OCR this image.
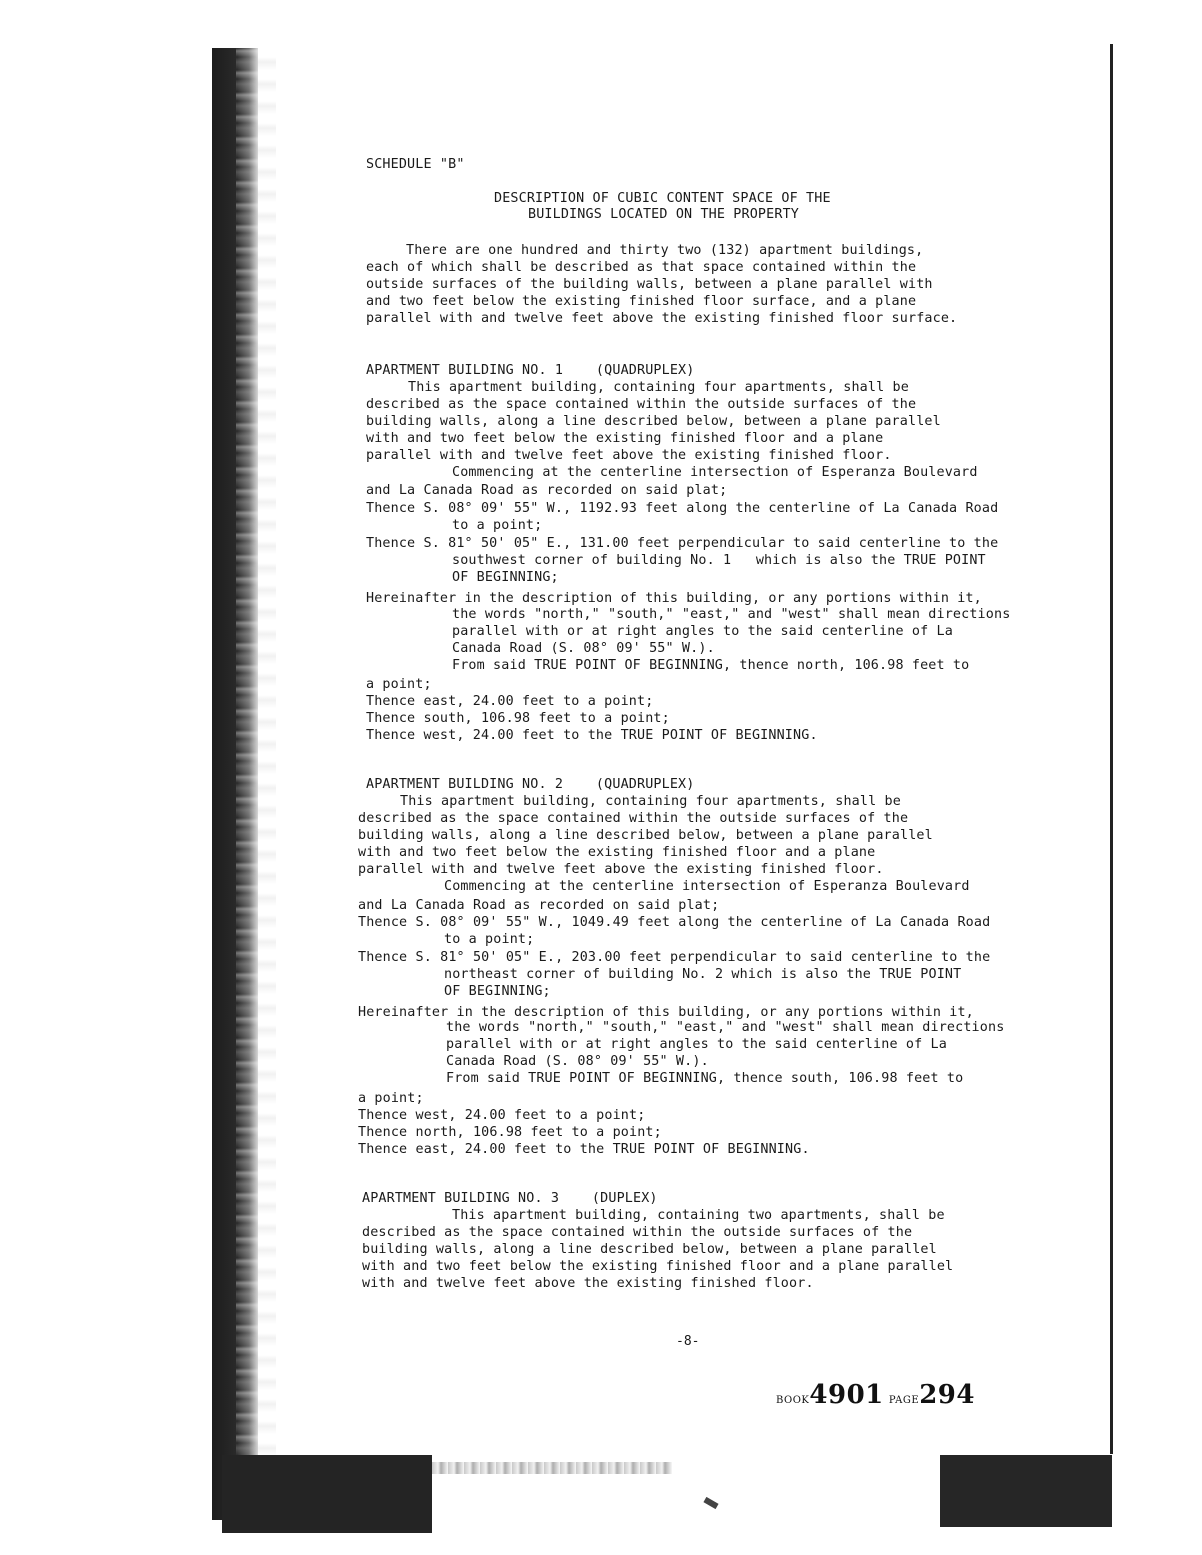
SCHEDULE "B"
DESCRIPTION OF CUBIC CONTENT SPACE OF THE
BUILDINGS LOCATED ON THE PROPERTY
There are one hundred and thirty two (132) apartment buildings,
each of which shall be described as that space contained within the
outside surfaces of the building walls, between a plane parallel with
and two feet below the existing finished floor surface, and a plane
parallel with and twelve feet above the existing finished floor surface.
APARTMENT BUILDING NO. 1    (QUADRUPLEX)
This apartment building, containing four apartments, shall be
described as the space contained within the outside surfaces of the
building walls, along a line described below, between a plane parallel
with and two feet below the existing finished floor and a plane
parallel with and twelve feet above the existing finished floor.
Commencing at the centerline intersection of Esperanza Boulevard
and La Canada Road as recorded on said plat;
Thence S. 08° 09' 55" W., 1192.93 feet along the centerline of La Canada Road
to a point;
Thence S. 81° 50' 05" E., 131.00 feet perpendicular to said centerline to the
southwest corner of building No. 1   which is also the TRUE POINT
OF BEGINNING;
Hereinafter in the description of this building, or any portions within it,
the words "north," "south," "east," and "west" shall mean directions
parallel with or at right angles to the said centerline of La
Canada Road (S. 08° 09' 55" W.).
From said TRUE POINT OF BEGINNING, thence north, 106.98 feet to
a point;
Thence east, 24.00 feet to a point;
Thence south, 106.98 feet to a point;
Thence west, 24.00 feet to the TRUE POINT OF BEGINNING.
APARTMENT BUILDING NO. 2    (QUADRUPLEX)
This apartment building, containing four apartments, shall be
described as the space contained within the outside surfaces of the
building walls, along a line described below, between a plane parallel
with and two feet below the existing finished floor and a plane
parallel with and twelve feet above the existing finished floor.
Commencing at the centerline intersection of Esperanza Boulevard
and La Canada Road as recorded on said plat;
Thence S. 08° 09' 55" W., 1049.49 feet along the centerline of La Canada Road
to a point;
Thence S. 81° 50' 05" E., 203.00 feet perpendicular to said centerline to the
northeast corner of building No. 2 which is also the TRUE POINT
OF BEGINNING;
Hereinafter in the description of this building, or any portions within it,
the words "north," "south," "east," and "west" shall mean directions
parallel with or at right angles to the said centerline of La
Canada Road (S. 08° 09' 55" W.).
From said TRUE POINT OF BEGINNING, thence south, 106.98 feet to
a point;
Thence west, 24.00 feet to a point;
Thence north, 106.98 feet to a point;
Thence east, 24.00 feet to the TRUE POINT OF BEGINNING.
APARTMENT BUILDING NO. 3    (DUPLEX)
This apartment building, containing two apartments, shall be
described as the space contained within the outside surfaces of the
building walls, along a line described below, between a plane parallel
with and two feet below the existing finished floor and a plane parallel
with and twelve feet above the existing finished floor.
-8-
BOOK4901 PAGE294
